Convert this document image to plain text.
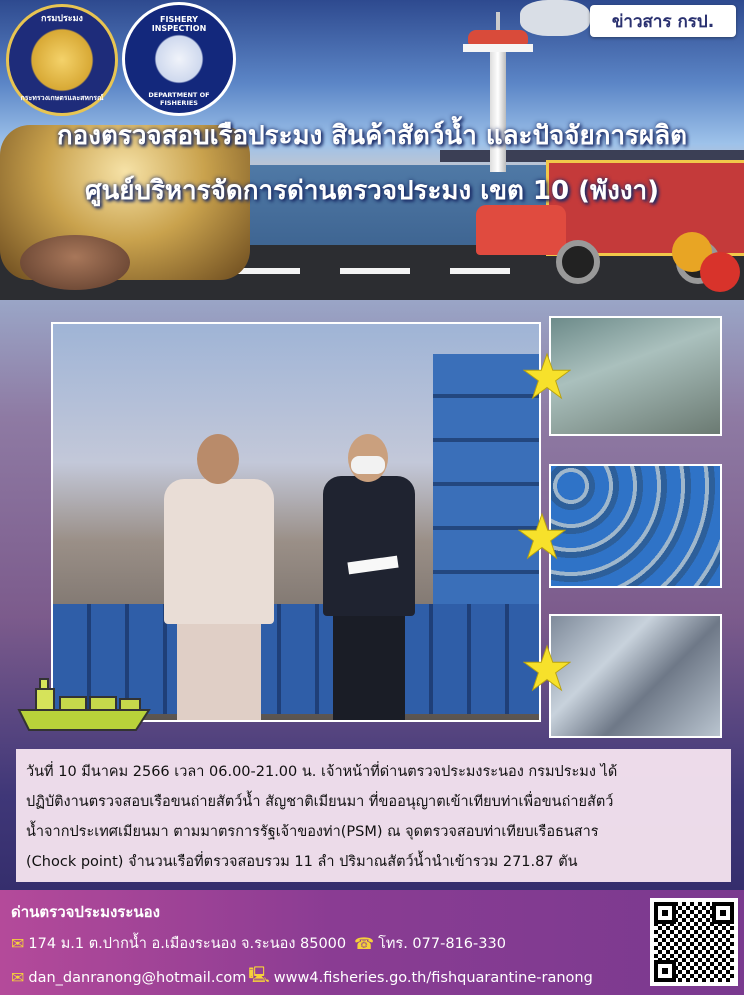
กรมประมง
กระทรวงเกษตรและสหกรณ์
FISHERY INSPECTION
DEPARTMENT OF FISHERIES
ข่าวสาร กรป.
กองตรวจสอบเรือประมง สินค้าสัตว์น้ำ และปัจจัยการผลิต
ศูนย์บริหารจัดการด่านตรวจประมง เขต 10 (พังงา)
วันที่ 10 มีนาคม 2566 เวลา 06.00-21.00 น. เจ้าหน้าที่ด่านตรวจประมงระนอง กรมประมง ได้
ปฏิบัติงานตรวจสอบเรือขนถ่ายสัตว์น้ำ สัญชาติเมียนมา ที่ขออนุญาตเข้าเทียบท่าเพื่อขนถ่ายสัตว์
น้ำจากประเทศเมียนมา ตามมาตรการรัฐเจ้าของท่า(PSM) ณ จุดตรวจสอบท่าเทียบเรือธนสาร
(Chock point) จำนวนเรือที่ตรวจสอบรวม 11 ลำ ปริมาณสัตว์น้ำนำเข้ารวม 271.87 ตัน
ด่านตรวจประมงระนอง
✉ 174 ม.1 ต.ปากน้ำ อ.เมืองระนอง จ.ระนอง 85000 ☎ โทร. 077-816-330
✉ dan_danranong@hotmail.com 🖳 www4.fisheries.go.th/fishquarantine-ranong
